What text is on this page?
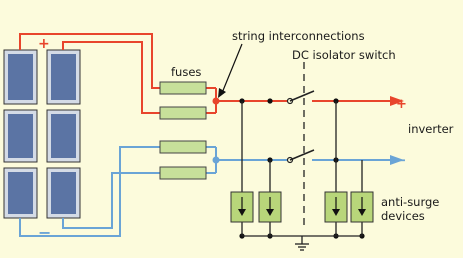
+
−
+
−
fuses
string interconnections
DC isolator switch
inverter
anti-surge
devices
